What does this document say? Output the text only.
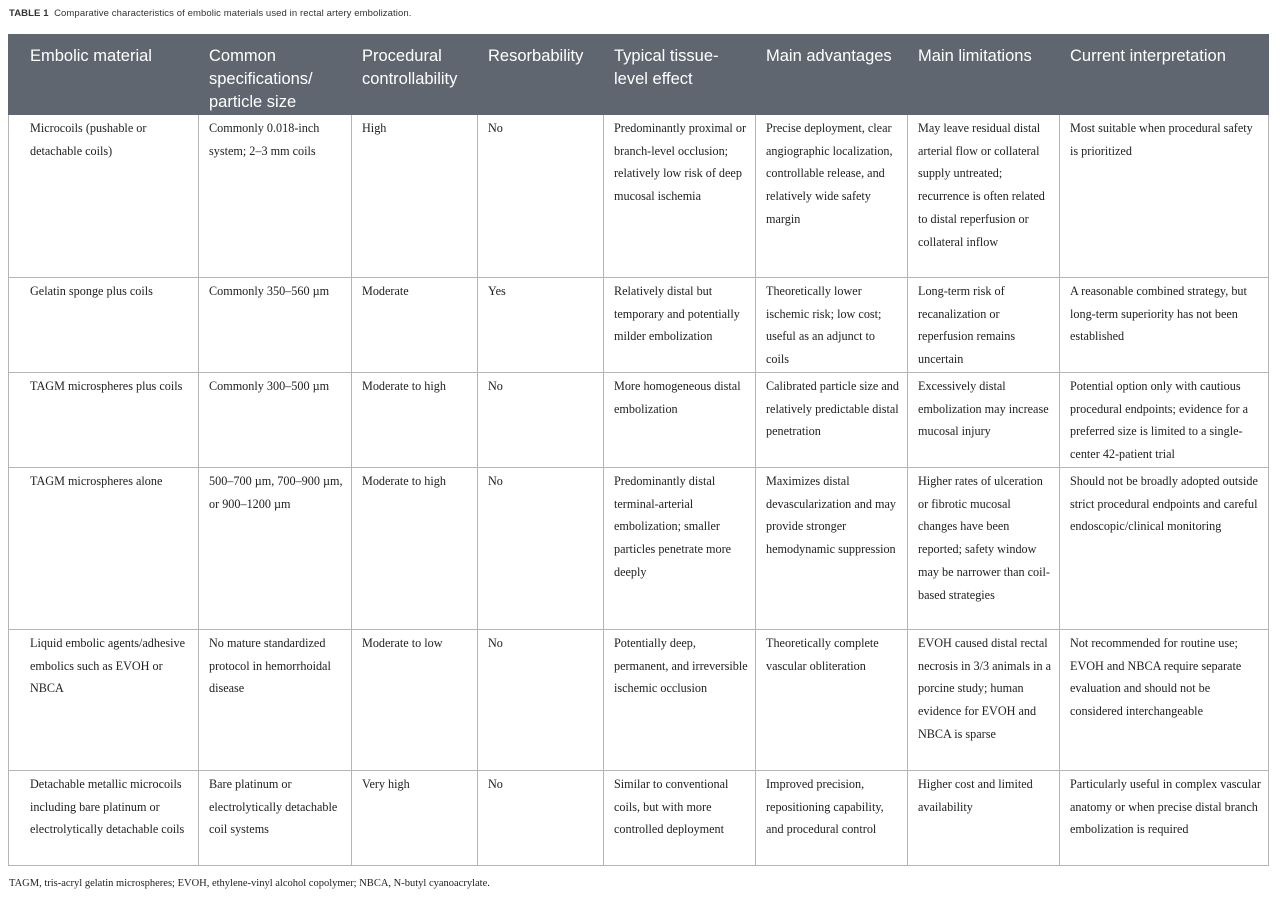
TABLE 1 Comparative characteristics of embolic materials used in rectal artery embolization.
Embolic material	Common specifications/ particle size	Procedural controllability	Resorbability	Typical tissue-level effect	Main advantages	Main limitations	Current interpretation
Microcoils (pushable or detachable coils)	Commonly 0.018-inch system; 2–3 mm coils	High	No	Predominantly proximal or branch-level occlusion; relatively low risk of deep mucosal ischemia	Precise deployment, clear angiographic localization, controllable release, and relatively wide safety margin	May leave residual distal arterial flow or collateral supply untreated; recurrence is often related to distal reperfusion or collateral inflow	Most suitable when procedural safety is prioritized
Gelatin sponge plus coils	Commonly 350–560 µm	Moderate	Yes	Relatively distal but temporary and potentially milder embolization	Theoretically lower ischemic risk; low cost; useful as an adjunct to coils	Long-term risk of recanalization or reperfusion remains uncertain	A reasonable combined strategy, but long-term superiority has not been established
TAGM microspheres plus coils	Commonly 300–500 µm	Moderate to high	No	More homogeneous distal embolization	Calibrated particle size and relatively predictable distal penetration	Excessively distal embolization may increase mucosal injury	Potential option only with cautious procedural endpoints; evidence for a preferred size is limited to a single-center 42-patient trial
TAGM microspheres alone	500–700 µm, 700–900 µm, or 900–1200 µm	Moderate to high	No	Predominantly distal terminal-arterial embolization; smaller particles penetrate more deeply	Maximizes distal devascularization and may provide stronger hemodynamic suppression	Higher rates of ulceration or fibrotic mucosal changes have been reported; safety window may be narrower than coil-based strategies	Should not be broadly adopted outside strict procedural endpoints and careful endoscopic/clinical monitoring
Liquid embolic agents/adhesive embolics such as EVOH or NBCA	No mature standardized protocol in hemorrhoidal disease	Moderate to low	No	Potentially deep, permanent, and irreversible ischemic occlusion	Theoretically complete vascular obliteration	EVOH caused distal rectal necrosis in 3/3 animals in a porcine study; human evidence for EVOH and NBCA is sparse	Not recommended for routine use; EVOH and NBCA require separate evaluation and should not be considered interchangeable
Detachable metallic microcoils including bare platinum or electrolytically detachable coils	Bare platinum or electrolytically detachable coil systems	Very high	No	Similar to conventional coils, but with more controlled deployment	Improved precision, repositioning capability, and procedural control	Higher cost and limited availability	Particularly useful in complex vascular anatomy or when precise distal branch embolization is required
TAGM, tris-acryl gelatin microspheres; EVOH, ethylene-vinyl alcohol copolymer; NBCA, N-butyl cyanoacrylate.
